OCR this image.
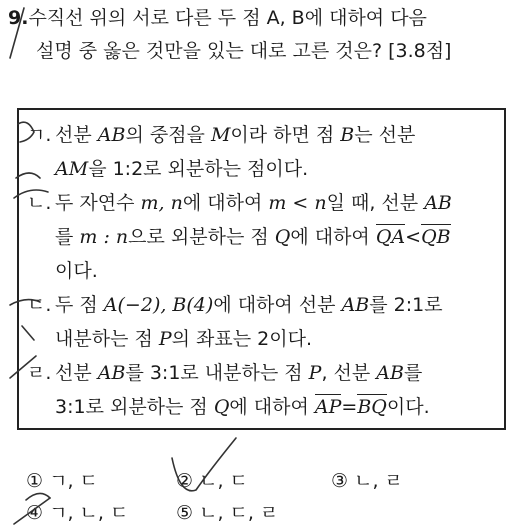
9.수직선 위의 서로 다른 두 점 A, B에 대하여 다음
설명 중 옳은 것만을 있는 대로 고른 것은? [3.8점]
ㄱ. 선분 AB의 중점을 M이라 하면 점 B는 선분
AM을 1:2로 외분하는 점이다.
ㄴ. 두 자연수 m, n에 대하여 m < n일 때, 선분 AB
를 m : n으로 외분하는 점 Q에 대하여 QA<QB
이다.
ㄷ. 두 점 A(−2), B(4)에 대하여 선분 AB를 2:1로
내분하는 점 P의 좌표는 2이다.
ㄹ. 선분 AB를 3:1로 내분하는 점 P, 선분 AB를
3:1로 외분하는 점 Q에 대하여 AP=BQ이다.
① ㄱ, ㄷ	② ㄴ, ㄷ	③ ㄴ, ㄹ
④ ㄱ, ㄴ, ㄷ	⑤ ㄴ, ㄷ, ㄹ
